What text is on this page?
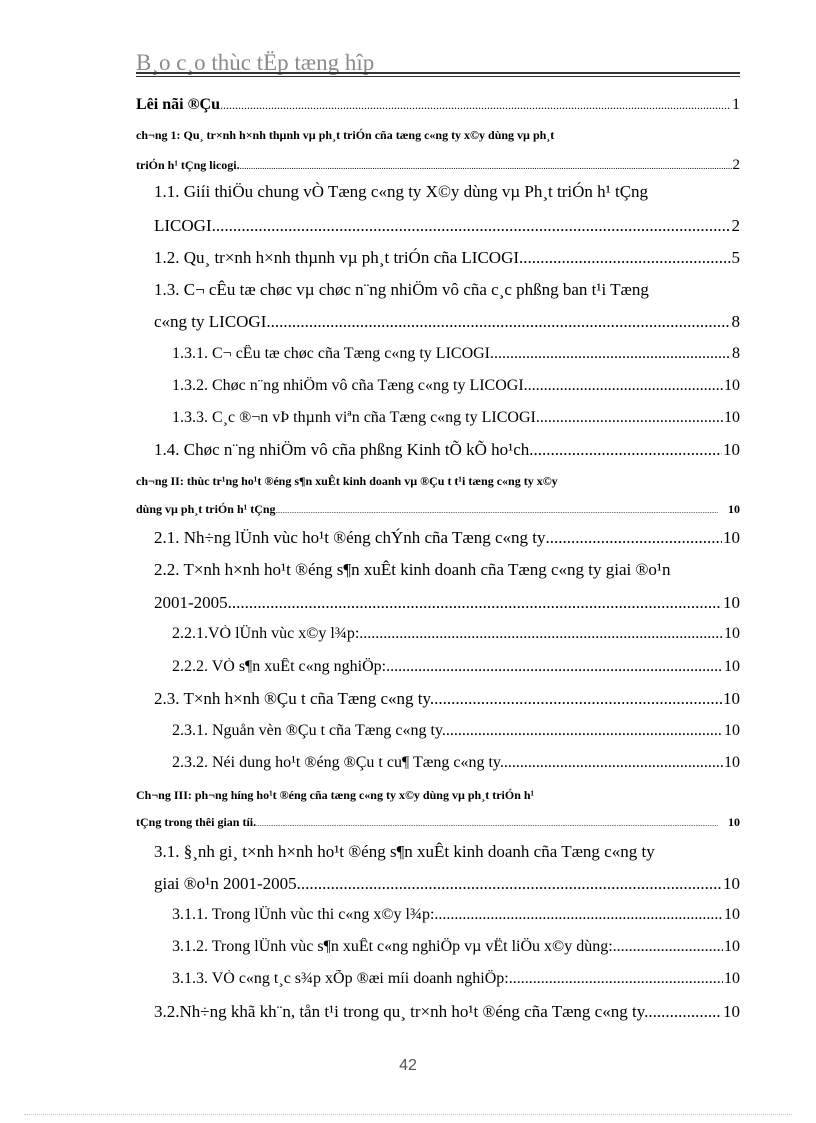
B¸o c¸o thùc tËp tæng hîp
Lêi nãi ®Çu .....	1
ch¬ng 1: Qu¸ tr×nh h×nh thµnh vµ ph¸t triÓn cña tæng c«ng ty x©y dùng vµ ph¸t
triÓn h¹ tÇng licogi. .....	2
1.1. Giíi thiÖu chung vÒ Tæng c«ng ty X©y dùng vµ Ph¸t triÓn h¹ tÇng
LICOGI. .....	2
1.2. Qu¸ tr×nh h×nh thµnh vµ ph¸t triÓn cña LICOGI .....	5
1.3. C¬ cÊu tæ chøc vµ chøc n¨ng nhiÖm vô cña c¸c phßng ban t¹i Tæng
c«ng ty LICOGI. .....	8
1.3.1. C¬ cÊu tæ chøc cña Tæng c«ng ty LICOGI .....	8
1.3.2. Chøc n¨ng nhiÖm vô cña Tæng c«ng ty LICOGI .....	10
1.3.3. C¸c ®¬n vÞ thµnh viªn cña Tæng c«ng ty LICOGI .....	10
1.4. Chøc n¨ng nhiÖm vô cña phßng Kinh tÕ kÕ ho¹ch. .....	10
ch¬ng II: thùc tr¹ng ho¹t ®éng s¶n xuÊt kinh doanh vµ ®Çu t t¹i tæng c«ng ty x©y
dùng vµ ph¸t triÓn h¹ tÇng .....	10
2.1. Nh÷ng lÜnh vùc ho¹t ®éng chÝnh cña Tæng c«ng ty .....	10
2.2. T×nh h×nh ho¹t ®éng s¶n xuÊt kinh doanh cña Tæng c«ng ty giai ®o¹n
2001-2005. .....	10
2.2.1.VÒ lÜnh vùc x©y l¾p: .....	10
2.2.2. VÒ s¶n xuÊt c«ng nghiÖp: .....	10
2.3. T×nh h×nh ®Çu t cña Tæng c«ng ty. .....	10
2.3.1. Nguån vèn ®Çu t cña Tæng c«ng ty. .....	10
2.3.2. Néi dung ho¹t ®éng ®Çu t cu¶ Tæng c«ng ty. .....	10
Ch¬ng III: ph¬ng híng ho¹t ®éng cña tæng c«ng ty x©y dùng vµ ph¸t triÓn h¹
tÇng trong thêi gian tíi. .....	10
3.1. §¸nh gi¸ t×nh h×nh ho¹t ®éng s¶n xuÊt kinh doanh cña Tæng c«ng ty
giai ®o¹n 2001-2005. .....	10
3.1.1. Trong lÜnh vùc thi c«ng x©y l¾p: .....	10
3.1.2. Trong lÜnh vùc s¶n xuÊt c«ng nghiÖp vµ vËt liÖu x©y dùng: .....	10
3.1.3. VÒ c«ng t¸c s¾p xÕp ®æi míi doanh nghiÖp: .....	10
3.2.Nh÷ng khã kh¨n, tån t¹i trong qu¸ tr×nh ho¹t ®éng cña Tæng c«ng ty.. .....	10
42
